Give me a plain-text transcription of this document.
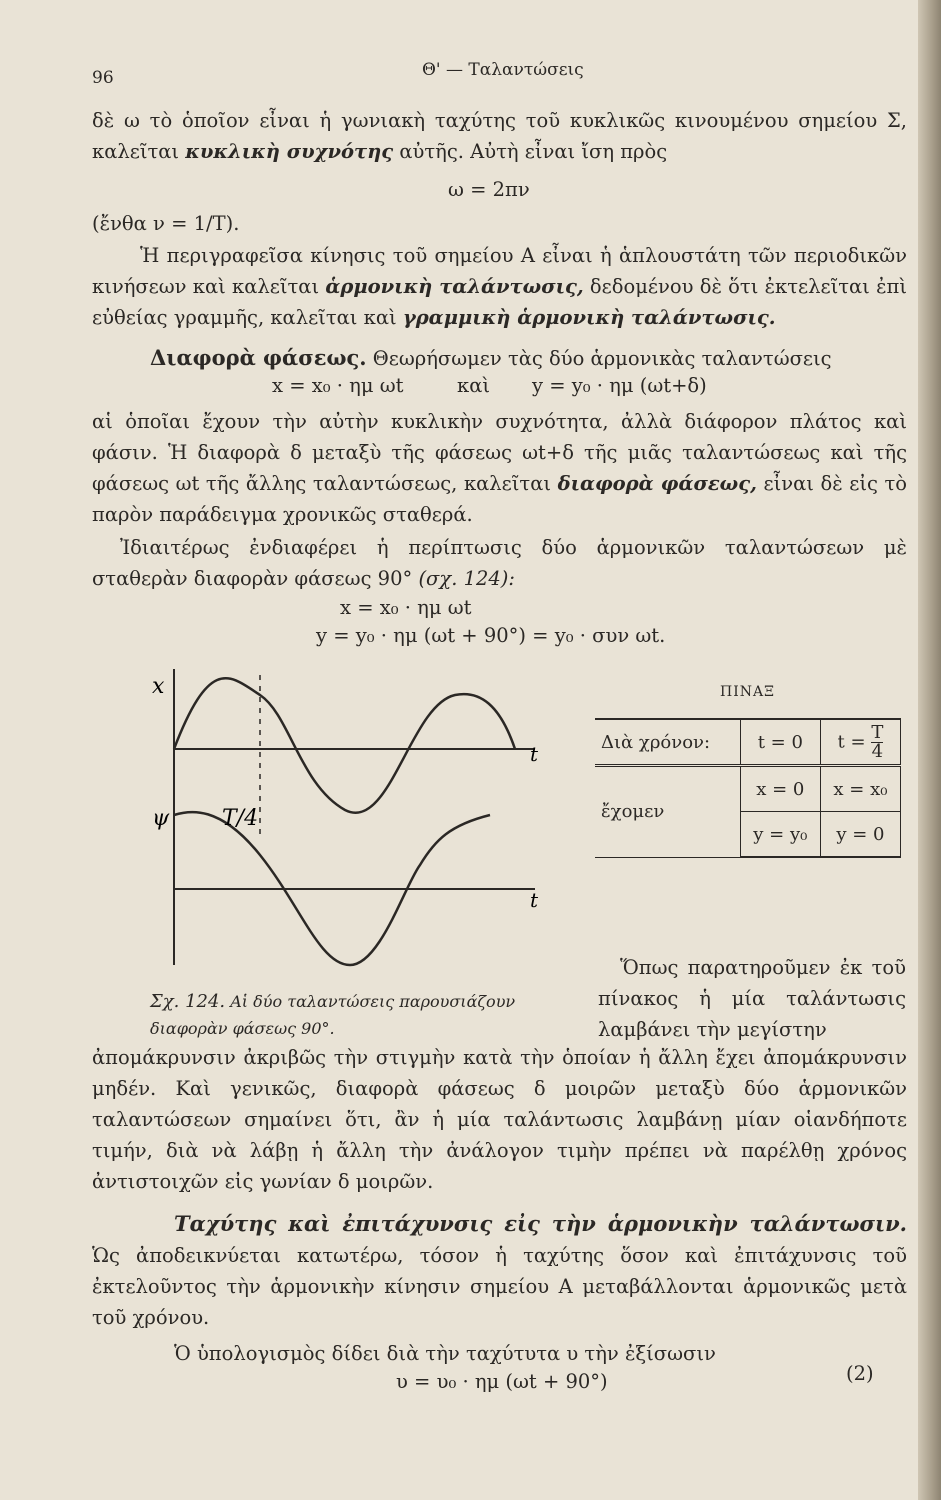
96	Θ' — Ταλαντώσεις
δὲ ω τὸ ὁποῖον εἶναι ἡ γωνιακὴ ταχύτης τοῦ κυκλικῶς κινουμένου σημείου Σ, καλεῖται κυκλικὴ συχνότης αὐτῆς. Αὐτὴ εἶναι ἴση πρὸς
ω = 2πν
(ἔνθα ν = 1/T).
Ἡ περιγραφεῖσα κίνησις τοῦ σημείου Α εἶναι ἡ ἁπλουστάτη τῶν περιοδικῶν κινήσεων καὶ καλεῖται ἁρμονικὴ ταλάντωσις, δεδομένου δὲ ὅτι ἐκτελεῖται ἐπὶ εὐθείας γραμμῆς, καλεῖται καὶ γραμμικὴ ἁρμονικὴ ταλάντωσις.
Διαφορὰ φάσεως. Θεωρήσωμεν τὰς δύο ἁρμονικὰς ταλαντώσεις
x = x₀ · ημ ωt	καὶ y = y₀ · ημ (ωt+δ)
αἱ ὁποῖαι ἔχουν τὴν αὐτὴν κυκλικὴν συχνότητα, ἀλλὰ διάφορον πλάτος καὶ φάσιν. Ἡ διαφορὰ δ μεταξὺ τῆς φάσεως ωt+δ τῆς μιᾶς ταλαντώσεως καὶ τῆς φάσεως ωt τῆς ἄλλης ταλαντώσεως, καλεῖται διαφορὰ φάσεως, εἶναι δὲ εἰς τὸ παρὸν παράδειγμα χρονικῶς σταθερά.
Ἰδιαιτέρως ἐνδιαφέρει ἡ περίπτωσις δύο ἁρμονικῶν ταλαντώσεων μὲ σταθερὰν διαφορὰν φάσεως 90° (σχ. 124):
x = x₀ · ημ ωt
y = y₀ · ημ (ωt + 90°) = y₀ · συν ωt.
x
ψ
t
t
T/4
Σχ. 124. Αἱ δύο ταλαντώσεις παρουσιάζουν διαφορὰν φάσεως 90°.
ΠΙΝΑΞ
Διὰ χρόνον:	t = 0	$t = \frac{T}{4}$

ἔχομεν	x = 0	x = x₀
	y = y₀	y = 0
Ὅπως παρατηροῦμεν ἐκ τοῦ πίνακος ἡ μία ταλάντωσις λαμβάνει τὴν μεγίστην
ἀπομάκρυνσιν ἀκριβῶς τὴν στιγμὴν κατὰ τὴν ὁποίαν ἡ ἄλλη ἔχει ἀπομάκρυνσιν μηδέν. Καὶ γενικῶς, διαφορὰ φάσεως δ μοιρῶν μεταξὺ δύο ἁρμονικῶν ταλαντώσεων σημαίνει ὅτι, ἂν ἡ μία ταλάντωσις λαμβάνῃ μίαν οἱανδήποτε τιμήν, διὰ νὰ λάβῃ ἡ ἄλλη τὴν ἀνάλογον τιμὴν πρέπει νὰ παρέλθῃ χρόνος ἀντιστοιχῶν εἰς γωνίαν δ μοιρῶν.
Ταχύτης καὶ ἐπιτάχυνσις εἰς τὴν ἁρμονικὴν ταλάντωσιν. Ὡς ἀποδεικνύεται κατωτέρω, τόσον ἡ ταχύτης ὅσον καὶ ἐπιτάχυνσις τοῦ ἐκτελοῦντος τὴν ἁρμονικὴν κίνησιν σημείου Α μεταβάλλονται ἁρμονικῶς μετὰ τοῦ χρόνου.
Ὁ ὑπολογισμὸς δίδει διὰ τὴν ταχύτυτα υ τὴν ἐξίσωσιν
υ = υ₀ · ημ (ωt + 90°)	(2)
